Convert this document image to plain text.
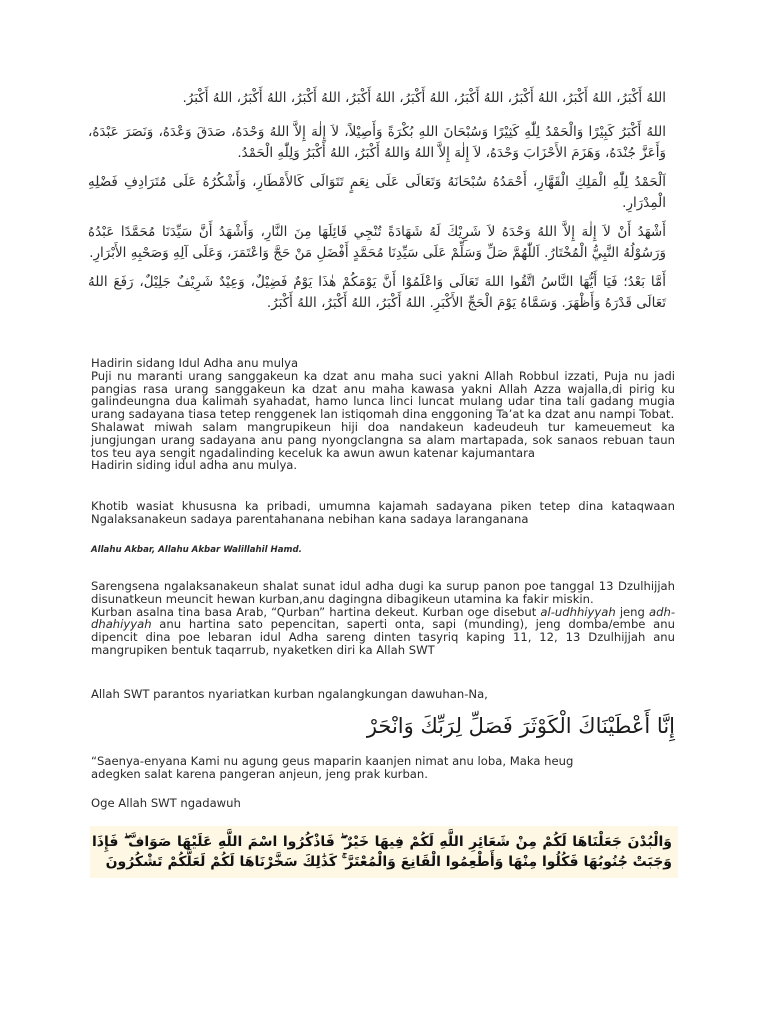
اللهُ أَكْبَرُ، اللهُ أَكْبَرُ، اللهُ أَكْبَرُ، اللهُ أَكْبَرُ، اللهُ أَكْبَرُ، اللهُ أَكْبَرُ، اللهُ أَكْبَرُ، اللهُ أَكْبَرُ، اللهُ أَكْبَرُ.
اللهُ أَكْبَرُ كَبِيْرًا وَالْحَمْدُ لِلّٰهِ كَثِيْرًا وَسُبْحَانَ اللهِ بُكْرَةً وَأَصِيْلاً، لاَ إِلٰهَ إِلاَّ اللهُ وَحْدَهُ، صَدَقَ وَعْدَهُ، وَنَصَرَ عَبْدَهُ، وَأَعَزَّ جُنْدَهُ، وَهَزَمَ الأَحْزَابَ وَحْدَهُ، لاَ إِلٰهَ إِلاَّ اللهُ وَاللهُ أَكْبَرُ، اللهُ أَكْبَرُ وَلِلّٰهِ الْحَمْدُ.
اَلْحَمْدُ لِلّٰهِ الْمَلِكِ الْقَهَّارِ، أَحْمَدُهُ سُبْحَانَهُ وَتَعَالَى عَلَى نِعَمٍ تَتَوَالَى كَالأَمْطَارِ، وَأَشْكُرُهُ عَلَى مُتَرَادِفِ فَضْلِهِ الْمِدْرَارِ.
أَشْهَدُ أَنْ لاَ إِلٰهَ إِلاَّ اللهُ وَحْدَهُ لاَ شَرِيْكَ لَهُ شَهَادَةً تُنْجِي قَائِلَهَا مِنَ النَّارِ، وَأَشْهَدُ أَنَّ سَيِّدَنَا مُحَمَّدًا عَبْدُهُ وَرَسُوْلُهُ النَّبِيُّ الْمُخْتَارُ. اَللّٰهُمَّ صَلِّ وَسَلِّمْ عَلَى سَيِّدِنَا مُحَمَّدٍ أَفْضَلِ مَنْ حَجَّ وَاعْتَمَرَ، وَعَلَى آلِهِ وَصَحْبِهِ الأَبْرَارِ.
أَمَّا بَعْدُ؛ فَيَا أَيُّهَا النَّاسُ اتَّقُوا اللهَ تَعَالَى وَاعْلَمُوْا أَنَّ يَوْمَكُمْ هٰذَا يَوْمٌ فَضِيْلٌ، وَعِيْدٌ شَرِيْفٌ جَلِيْلٌ، رَفَعَ اللهُ تَعَالَى قَدْرَهُ وَأَظْهَرَ. وَسَمَّاهُ يَوْمَ الْحَجِّ الأَكْبَرِ. اللهُ أَكْبَرُ، اللهُ أَكْبَرُ، اللهُ أَكْبَرُ.

Hadirin sidang Idul Adha anu mulya

Puji nu maranti urang sanggakeun ka dzat anu maha suci yakni Allah Robbul izzati, Puja nu jadi pangias rasa urang sanggakeun ka dzat anu maha kawasa yakni Allah Azza wajalla,di pirig ku galindeungna dua kalimah syahadat, hamo lunca linci luncat mulang udar tina tali gadang mugia urang sadayana tiasa tetep renggenek lan istiqomah dina enggoning Ta’at ka dzat anu nampi Tobat.

Shalawat miwah salam mangrupikeun hiji doa nandakeun kadeudeuh tur kameuemeut ka jungjungan urang sadayana anu pang nyongclangna sa alam martapada, sok sanaos rebuan taun tos teu aya sengit ngadalinding keceluk ka awun awun katenar kajumantara

Hadirin siding idul adha anu mulya.

Khotib wasiat khususna ka pribadi, umumna kajamah sadayana piken tetep dina kataqwaan Ngalaksanakeun sadaya parentahanana nebihan kana sadaya laranganana
Allahu Akbar, Allahu Akbar Walillahil Hamd.

Sarengsena ngalaksanakeun shalat sunat idul adha dugi ka surup panon poe tanggal 13 Dzulhijjah disunatkeun meuncit hewan kurban,anu dagingna dibagikeun utamina ka fakir miskin.

Kurban asalna tina basa Arab, “Qurban” hartina dekeut. Kurban oge disebut al-udhhiyyah jeng adh-dhahiyyah anu hartina sato pepencitan, saperti onta, sapi (munding), jeng domba/embe anu dipencit dina poe lebaran idul Adha sareng dinten tasyriq kaping 11, 12, 13 Dzulhijjah anu mangrupiken bentuk taqarrub, nyaketken diri ka Allah SWT

Allah SWT parantos nyariatkan kurban ngalangkungan dawuhan-Na,
إِنَّا أَعْطَيْنَاكَ الْكَوْثَرَ فَصَلِّ لِرَبِّكَ وَانْحَرْ

“Saenya-enyana Kami nu agung geus maparin kaanjen nimat anu loba, Maka heug

adegken salat karena pangeran anjeun, jeng prak kurban.

Oge Allah SWT ngadawuh
وَالْبُدْنَ جَعَلْنَاهَا لَكُمْ مِنْ شَعَائِرِ اللَّهِ لَكُمْ فِيهَا خَيْرٌ ۖ فَاذْكُرُوا اسْمَ اللَّهِ عَلَيْهَا صَوَافَّ ۖ فَإِذَا وَجَبَتْ جُنُوبُهَا فَكُلُوا مِنْهَا وَأَطْعِمُوا الْقَانِعَ وَالْمُعْتَرَّ ۚ كَذَٰلِكَ سَخَّرْنَاهَا لَكُمْ لَعَلَّكُمْ تَشْكُرُونَ
